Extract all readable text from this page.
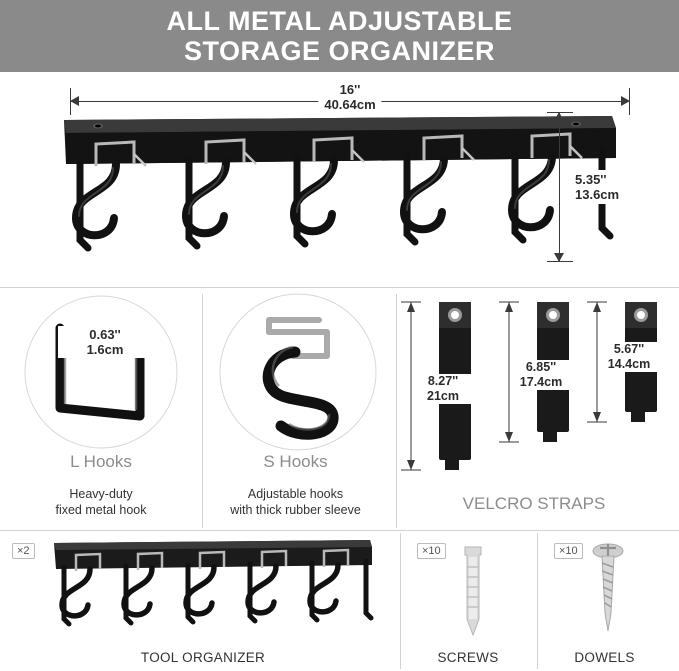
ALL METAL ADJUSTABLE
STORAGE ORGANIZER
16''
40.64cm
5.35''
13.6cm
0.63''
1.6cm
L Hooks
Heavy-duty
fixed metal hook
S Hooks
Adjustable hooks
with thick rubber sleeve
8.27''
21cm
6.85''
17.4cm
5.67''
14.4cm
VELCRO STRAPS
×2
TOOL ORGANIZER
×10
SCREWS
×10
DOWELS
